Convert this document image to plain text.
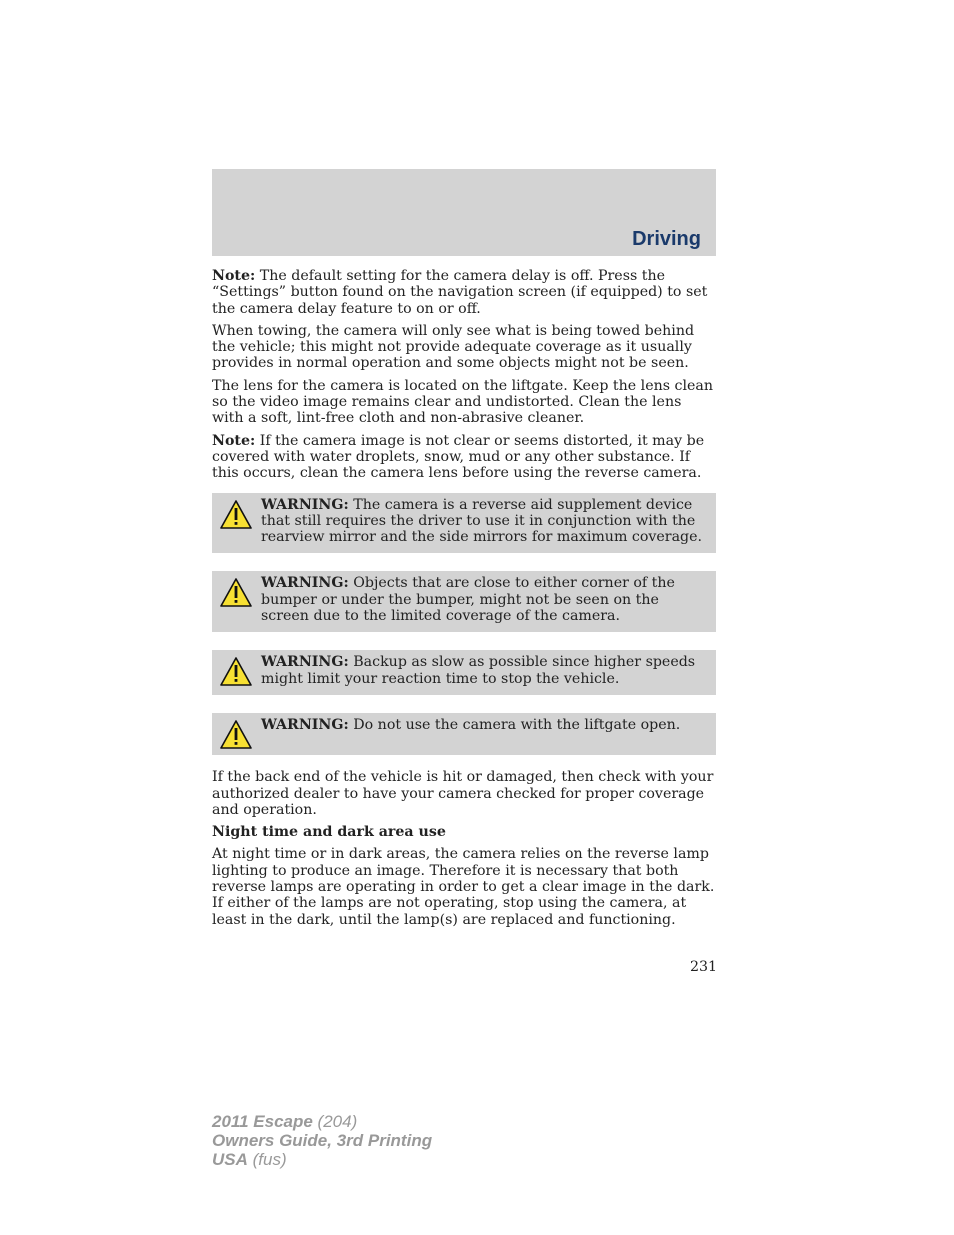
Driving

Note: The default setting for the camera delay is off. Press the “Settings” button found on the navigation screen (if equipped) to set the camera delay feature to on or off.

When towing, the camera will only see what is being towed behind the vehicle; this might not provide adequate coverage as it usually provides in normal operation and some objects might not be seen.

The lens for the camera is located on the liftgate. Keep the lens clean so the video image remains clear and undistorted. Clean the lens with a soft, lint-free cloth and non-abrasive cleaner.

Note: If the camera image is not clear or seems distorted, it may be covered with water droplets, snow, mud or any other substance. If this occurs, clean the camera lens before using the reverse camera.

WARNING: The camera is a reverse aid supplement device that still requires the driver to use it in conjunction with the rearview mirror and the side mirrors for maximum coverage.

WARNING: Objects that are close to either corner of the bumper or under the bumper, might not be seen on the screen due to the limited coverage of the camera.

WARNING: Backup as slow as possible since higher speeds might limit your reaction time to stop the vehicle.

WARNING: Do not use the camera with the liftgate open.

If the back end of the vehicle is hit or damaged, then check with your authorized dealer to have your camera checked for proper coverage and operation.

Night time and dark area use

At night time or in dark areas, the camera relies on the reverse lamp lighting to produce an image. Therefore it is necessary that both reverse lamps are operating in order to get a clear image in the dark. If either of the lamps are not operating, stop using the camera, at least in the dark, until the lamp(s) are replaced and functioning.

231
2011 Escape (204)
Owners Guide, 3rd Printing
USA (fus)
